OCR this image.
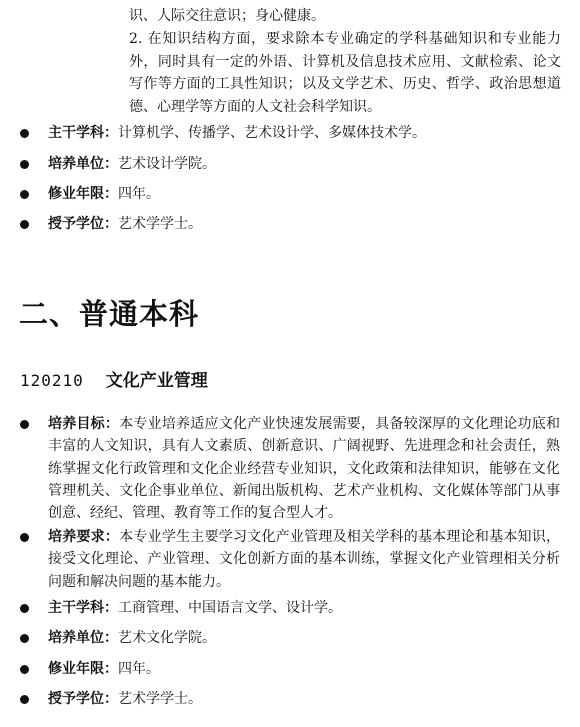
识、人际交往意识；身心健康。
2. 在知识结构方面，要求除本专业确定的学科基础知识和专业能力外，同时具有一定的外语、计算机及信息技术应用、文献检索、论文写作等方面的工具性知识；以及文学艺术、历史、哲学、政治思想道德、心理学等方面的人文社会科学知识。
主干学科：计算机学、传播学、艺术设计学、多媒体技术学。
培养单位：艺术设计学院。
修业年限：四年。
授予学位：艺术学学士。
二、普通本科
120210 文化产业管理
培养目标：本专业培养适应文化产业快速发展需要，具备较深厚的文化理论功底和丰富的人文知识，具有人文素质、创新意识、广阔视野、先进理念和社会责任，熟练掌握文化行政管理和文化企业经营专业知识，文化政策和法律知识，能够在文化管理机关、文化企事业单位、新闻出版机构、艺术产业机构、文化媒体等部门从事创意、经纪、管理、教育等工作的复合型人才。
培养要求：本专业学生主要学习文化产业管理及相关学科的基本理论和基本知识，接受文化理论、产业管理、文化创新方面的基本训练，掌握文化产业管理相关分析问题和解决问题的基本能力。
主干学科：工商管理、中国语言文学、设计学。
培养单位：艺术文化学院。
修业年限：四年。
授予学位：艺术学学士。
